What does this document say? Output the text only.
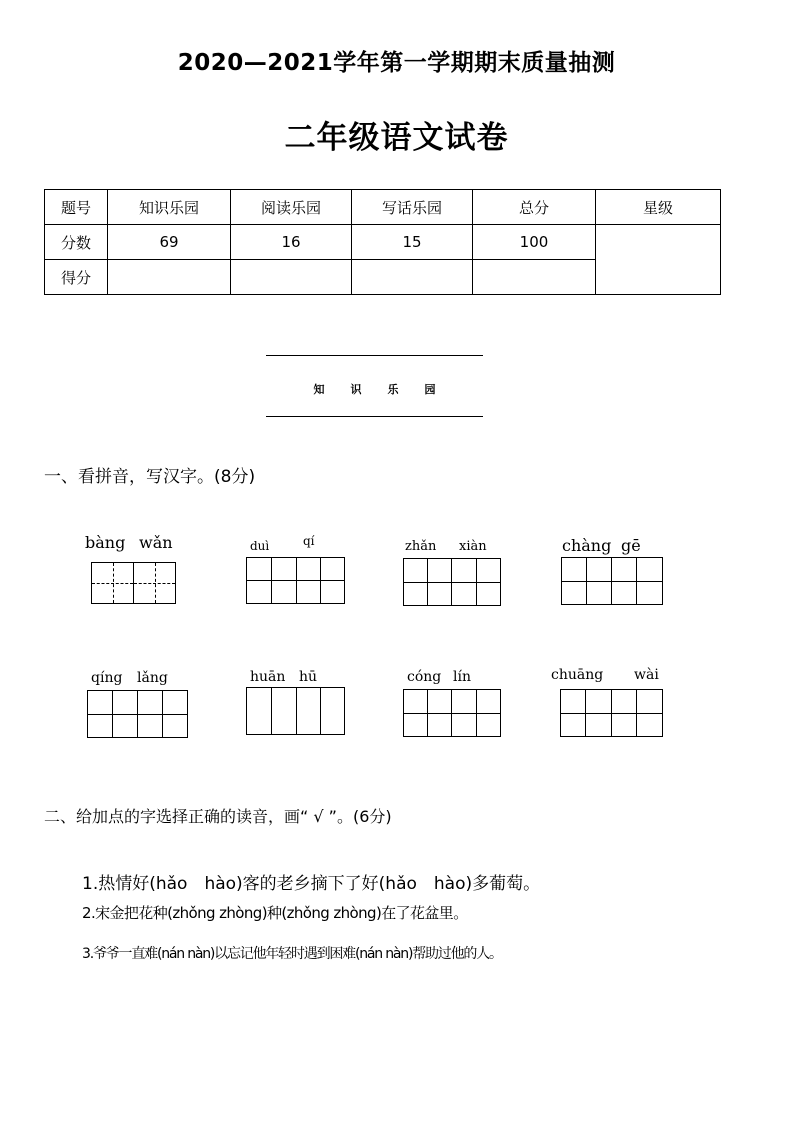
2020—2021学年第一学期期末质量抽测
二年级语文试卷
题号	知识乐园	阅读乐园	写话乐园	总分	星级
分数	69	16	15	100	
得分					
知识乐园
一、看拼音，写汉字。(8分)
bàng wǎn	duì	qí	zhǎn xiàn	chàng gē
qíng lǎng	huān hū	cóng lín	chuāng wài
二、给加点的字选择正确的读音，画“ √ ”。(6分)
1.热情好(hǎo　hào)客的老乡摘下了好(hǎo　hào)多葡萄。
2.宋金把花种(zhǒng zhòng)种(zhǒng zhòng)在了花盆里。
3.爷爷一直难(nán nàn)以忘记他年轻时遇到困难(nán nàn)帮助过他的人。
